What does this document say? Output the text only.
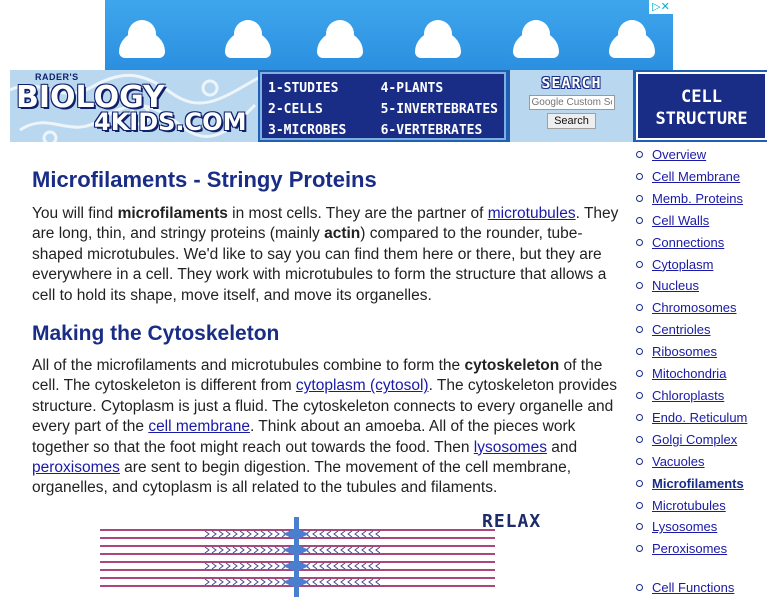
▷✕
RADER'S
BIOLOGY
4KIDS.COM
1-STUDIES	4-PLANTS
2-CELLS	5-INVERTEBRATES
3-MICROBES	6-VERTEBRATES
SEARCH
Google Custom Se
Search
CELL
STRUCTURE
Microfilaments - Stringy Proteins

You will find microfilaments in most cells. They are the partner of microtubules. They are long, thin, and stringy proteins (mainly actin) compared to the rounder, tube-shaped microtubules. We'd like to say you can find them here or there, but they are everywhere in a cell. They work with microtubules to form the structure that allows a cell to hold its shape, move itself, and move its organelles.

Making the Cytoskeleton

All of the microfilaments and microtubules combine to form the cytoskeleton of the cell. The cytoskeleton is different from cytoplasm (cytosol). The cytoskeleton provides structure. Cytoplasm is just a fluid. The cytoskeleton connects to every organelle and every part of the cell membrane. Think about an amoeba. All of the pieces work together so that the foot might reach out towards the food. Then lysosomes and peroxisomes are sent to begin digestion. The movement of the cell membrane, organelles, and cytoplasm is all related to the tubules and filaments.

RELAX
Overview
Cell Membrane
Memb. Proteins
Cell Walls
Connections
Cytoplasm
Nucleus
Chromosomes
Centrioles
Ribosomes
Mitochondria
Chloroplasts
Endo. Reticulum
Golgi Complex
Vacuoles
Microfilaments
Microtubules
Lysosomes
Peroxisomes
Cell Functions
